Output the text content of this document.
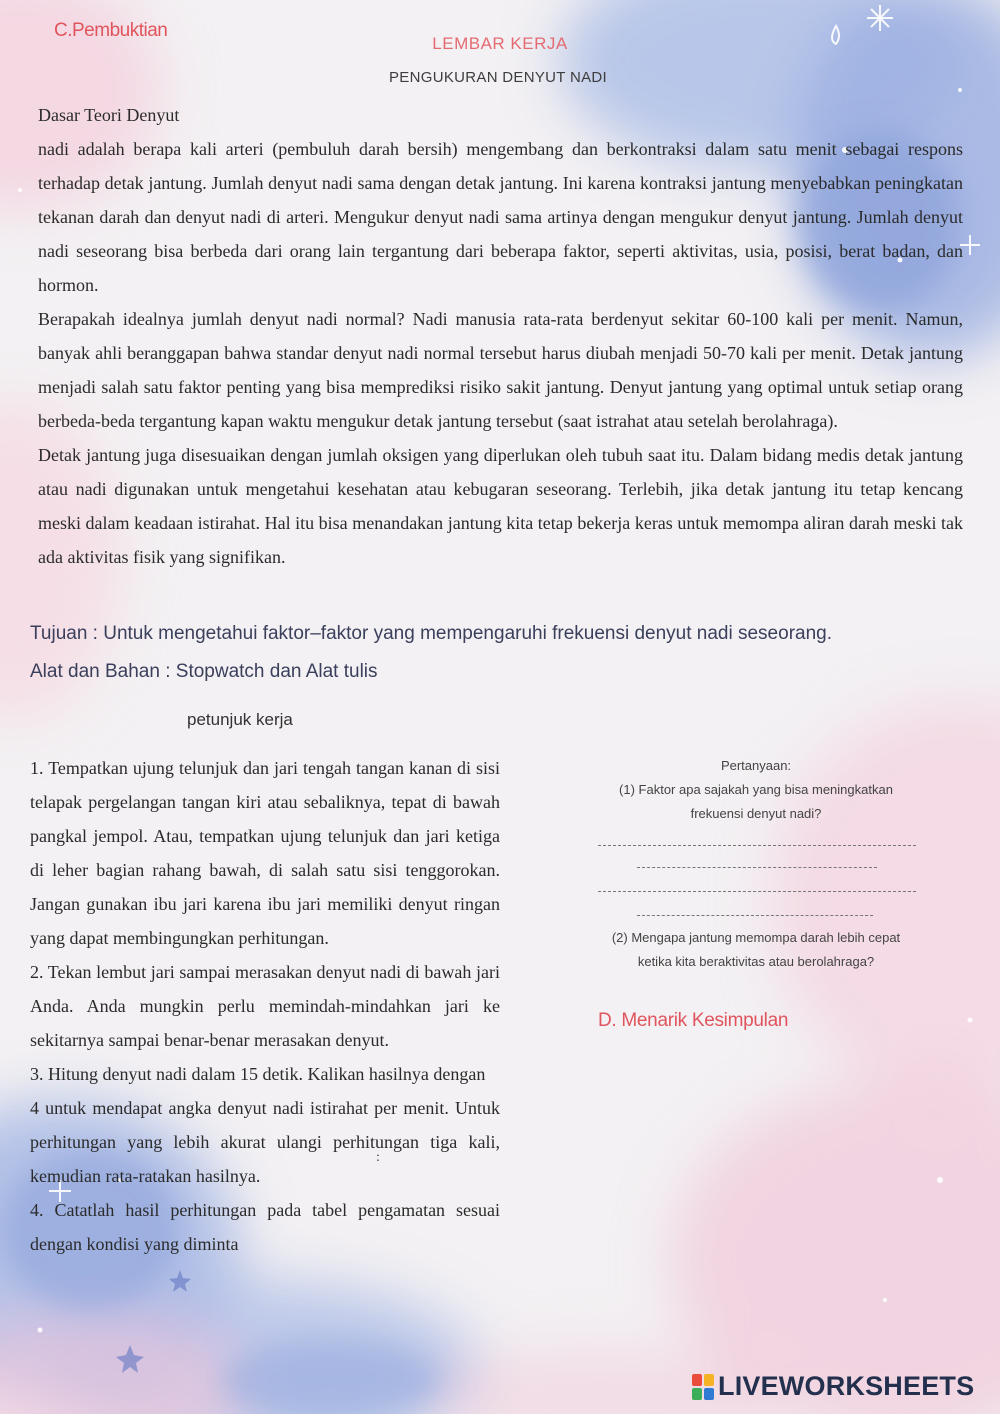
C.Pembuktian
LEMBAR KERJA
PENGUKURAN DENYUT NADI

Dasar Teori Denyut

nadi adalah berapa kali arteri (pembuluh darah bersih) mengembang dan berkontraksi dalam satu menit sebagai respons terhadap detak jantung. Jumlah denyut nadi sama dengan detak jantung. Ini karena kontraksi jantung menyebabkan peningkatan tekanan darah dan denyut nadi di arteri. Mengukur denyut nadi sama artinya dengan mengukur denyut jantung. Jumlah denyut nadi seseorang bisa berbeda dari orang lain tergantung dari beberapa faktor, seperti aktivitas, usia, posisi, berat badan, dan hormon.

Berapakah idealnya jumlah denyut nadi normal? Nadi manusia rata-rata berdenyut sekitar 60-100 kali per menit. Namun, banyak ahli beranggapan bahwa standar denyut nadi normal tersebut harus diubah menjadi 50-70 kali per menit. Detak jantung menjadi salah satu faktor penting yang bisa memprediksi risiko sakit jantung. Denyut jantung yang optimal untuk setiap orang berbeda-beda tergantung kapan waktu mengukur detak jantung tersebut (saat istrahat atau setelah berolahraga).

Detak jantung juga disesuaikan dengan jumlah oksigen yang diperlukan oleh tubuh saat itu. Dalam bidang medis detak jantung atau nadi digunakan untuk mengetahui kesehatan atau kebugaran seseorang. Terlebih, jika detak jantung itu tetap kencang meski dalam keadaan istirahat. Hal itu bisa menandakan jantung kita tetap bekerja keras untuk memompa aliran darah meski tak ada aktivitas fisik yang signifikan.

Tujuan : Untuk mengetahui faktor–faktor yang mempengaruhi frekuensi denyut nadi seseorang.
Alat dan Bahan : Stopwatch dan Alat tulis
petunjuk kerja

1. Tempatkan ujung telunjuk dan jari tengah tangan kanan di sisi telapak pergelangan tangan kiri atau sebaliknya, tepat di bawah pangkal jempol. Atau, tempatkan ujung telunjuk dan jari ketiga di leher bagian rahang bawah, di salah satu sisi tenggorokan. Jangan gunakan ibu jari karena ibu jari memiliki denyut ringan yang dapat membingungkan perhitungan.

2. Tekan lembut jari sampai merasakan denyut nadi di bawah jari Anda. Anda mungkin perlu memindah-mindahkan jari ke sekitarnya sampai benar-benar merasakan denyut.

3. Hitung denyut nadi dalam 15 detik. Kalikan hasilnya dengan

4 untuk mendapat angka denyut nadi istirahat per menit. Untuk perhitungan yang lebih akurat ulangi perhitungan tiga kali, kemudian rata-ratakan hasilnya.

4. Catatlah hasil perhitungan pada tabel pengamatan sesuai dengan kondisi yang diminta

Pertanyaan:
(1) Faktor apa sajakah yang bisa meningkatkan frekuensi denyut nadi?
(2) Mengapa jantung memompa darah lebih cepat ketika kita beraktivitas atau berolahraga?
D. Menarik Kesimpulan
:
LIVEWORKSHEETS
